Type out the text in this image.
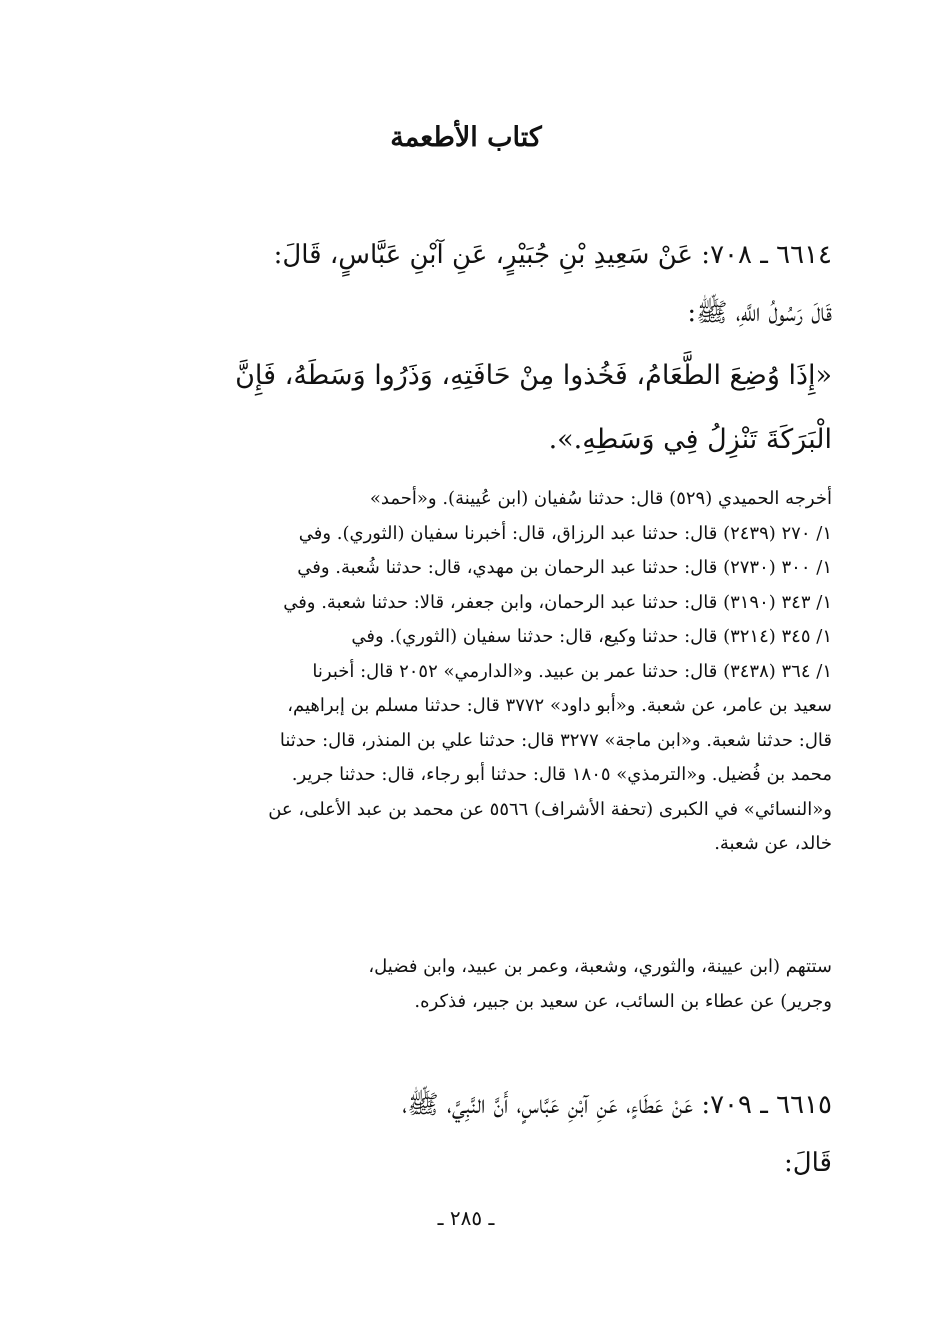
كتاب الأطعمة
٦٦١٤ ـ ٧٠٨: عَنْ سَعِيدِ بْنِ جُبَيْرٍ، عَنِ آبْنِ عَبَّاسٍ، قَالَ:
قَالَ رَسُولُ اللَّهِ، ﷺ:
«إِذَا وُضِعَ الطَّعَامُ، فَخُذوا مِنْ حَافَتِهِ، وَذَرُوا وَسَطَهُ، فَإِنَّ
الْبَرَكَةَ تَنْزِلُ فِي وَسَطِهِ.».
أخرجه الحميدي (٥٢٩) قال: حدثنا سُفيان (ابن عُيينة). و«أحمد»
١/ ٢٧٠ (٢٤٣٩) قال: حدثنا عبد الرزاق، قال: أخبرنا سفيان (الثوري). وفي
١/ ٣٠٠ (٢٧٣٠) قال: حدثنا عبد الرحمان بن مهدي، قال: حدثنا شُعبة. وفي
١/ ٣٤٣ (٣١٩٠) قال: حدثنا عبد الرحمان، وابن جعفر، قالا: حدثنا شعبة. وفي
١/ ٣٤٥ (٣٢١٤) قال: حدثنا وكيع، قال: حدثنا سفيان (الثوري). وفي
١/ ٣٦٤ (٣٤٣٨) قال: حدثنا عمر بن عبيد. و«الدارمي» ٢٠٥٢ قال: أخبرنا
سعيد بن عامر، عن شعبة. و«أبو داود» ٣٧٧٢ قال: حدثنا مسلم بن إبراهيم،
قال: حدثنا شعبة. و«ابن ماجة» ٣٢٧٧ قال: حدثنا علي بن المنذر، قال: حدثنا
محمد بن فُضيل. و«الترمذي» ١٨٠٥ قال: حدثنا أبو رجاء، قال: حدثنا جرير.
و«النسائي» في الكبرى (تحفة الأشراف) ٥٥٦٦ عن محمد بن عبد الأعلى، عن
خالد، عن شعبة.
ستتهم (ابن عيينة، والثوري، وشعبة، وعمر بن عبيد، وابن فضيل،
وجرير) عن عطاء بن السائب، عن سعيد بن جبير، فذكره.
٦٦١٥ ـ ٧٠٩: عَنْ عَطَاءٍ، عَنِ آبْنِ عَبَّاسٍ، أَنَّ النَّبِيَّ، ﷺ،
قَالَ:
ـ ٢٨٥ ـ
